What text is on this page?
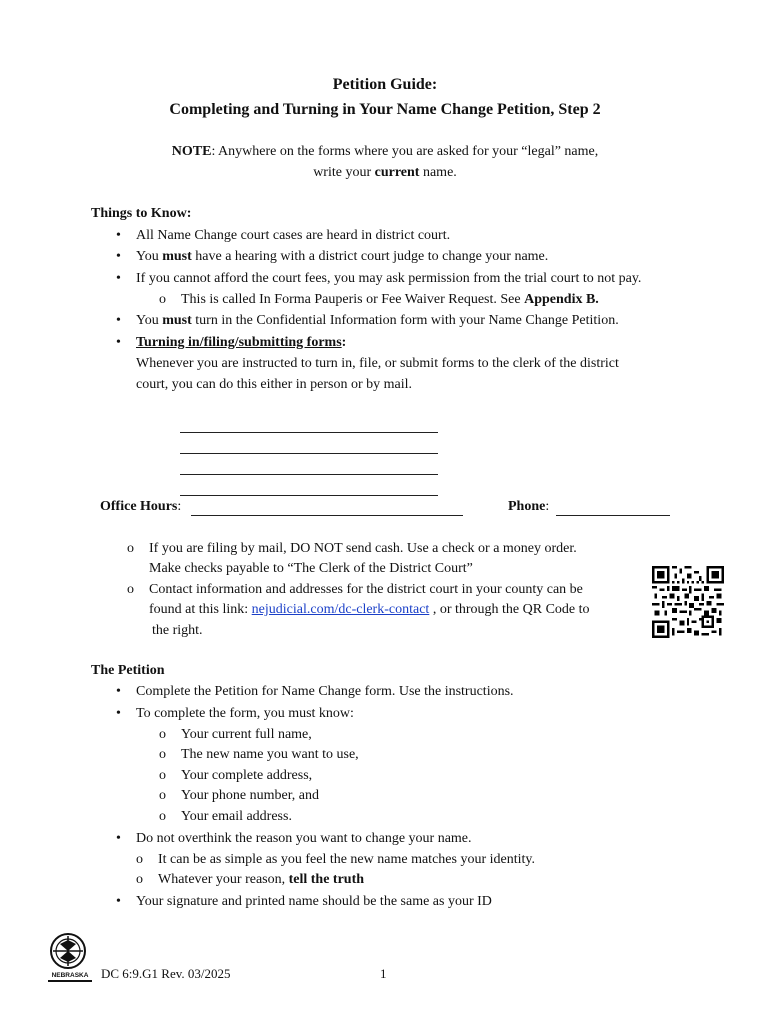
Petition Guide:
Completing and Turning in Your Name Change Petition, Step 2
NOTE: Anywhere on the forms where you are asked for your “legal” name,
write your current name.
Things to Know:
• All Name Change court cases are heard in district court.
• You must have a hearing with a district court judge to change your name.
• If you cannot afford the court fees, you may ask permission from the trial court to not pay.
o This is called In Forma Pauperis or Fee Waiver Request. See Appendix B.
• You must turn in the Confidential Information form with your Name Change Petition.
• Turning in/filing/submitting forms:
Whenever you are instructed to turn in, file, or submit forms to the clerk of the district
court, you can do this either in person or by mail.
Office Hours:	Phone:
o If you are filing by mail, DO NOT send cash. Use a check or a money order.
Make checks payable to “The Clerk of the District Court”
o Contact information and addresses for the district court in your county can be
found at this link: nejudicial.com/dc-clerk-contact , or through the QR Code to
the right.
The Petition
• Complete the Petition for Name Change form. Use the instructions.
• To complete the form, you must know:
o Your current full name,
o The new name you want to use,
o Your complete address,
o Your phone number, and
o Your email address.
• Do not overthink the reason you want to change your name.
o It can be as simple as you feel the new name matches your identity.
o Whatever your reason, tell the truth
• Your signature and printed name should be the same as your ID
NEBRASKA DC 6:9.G1 Rev. 03/2025	1
